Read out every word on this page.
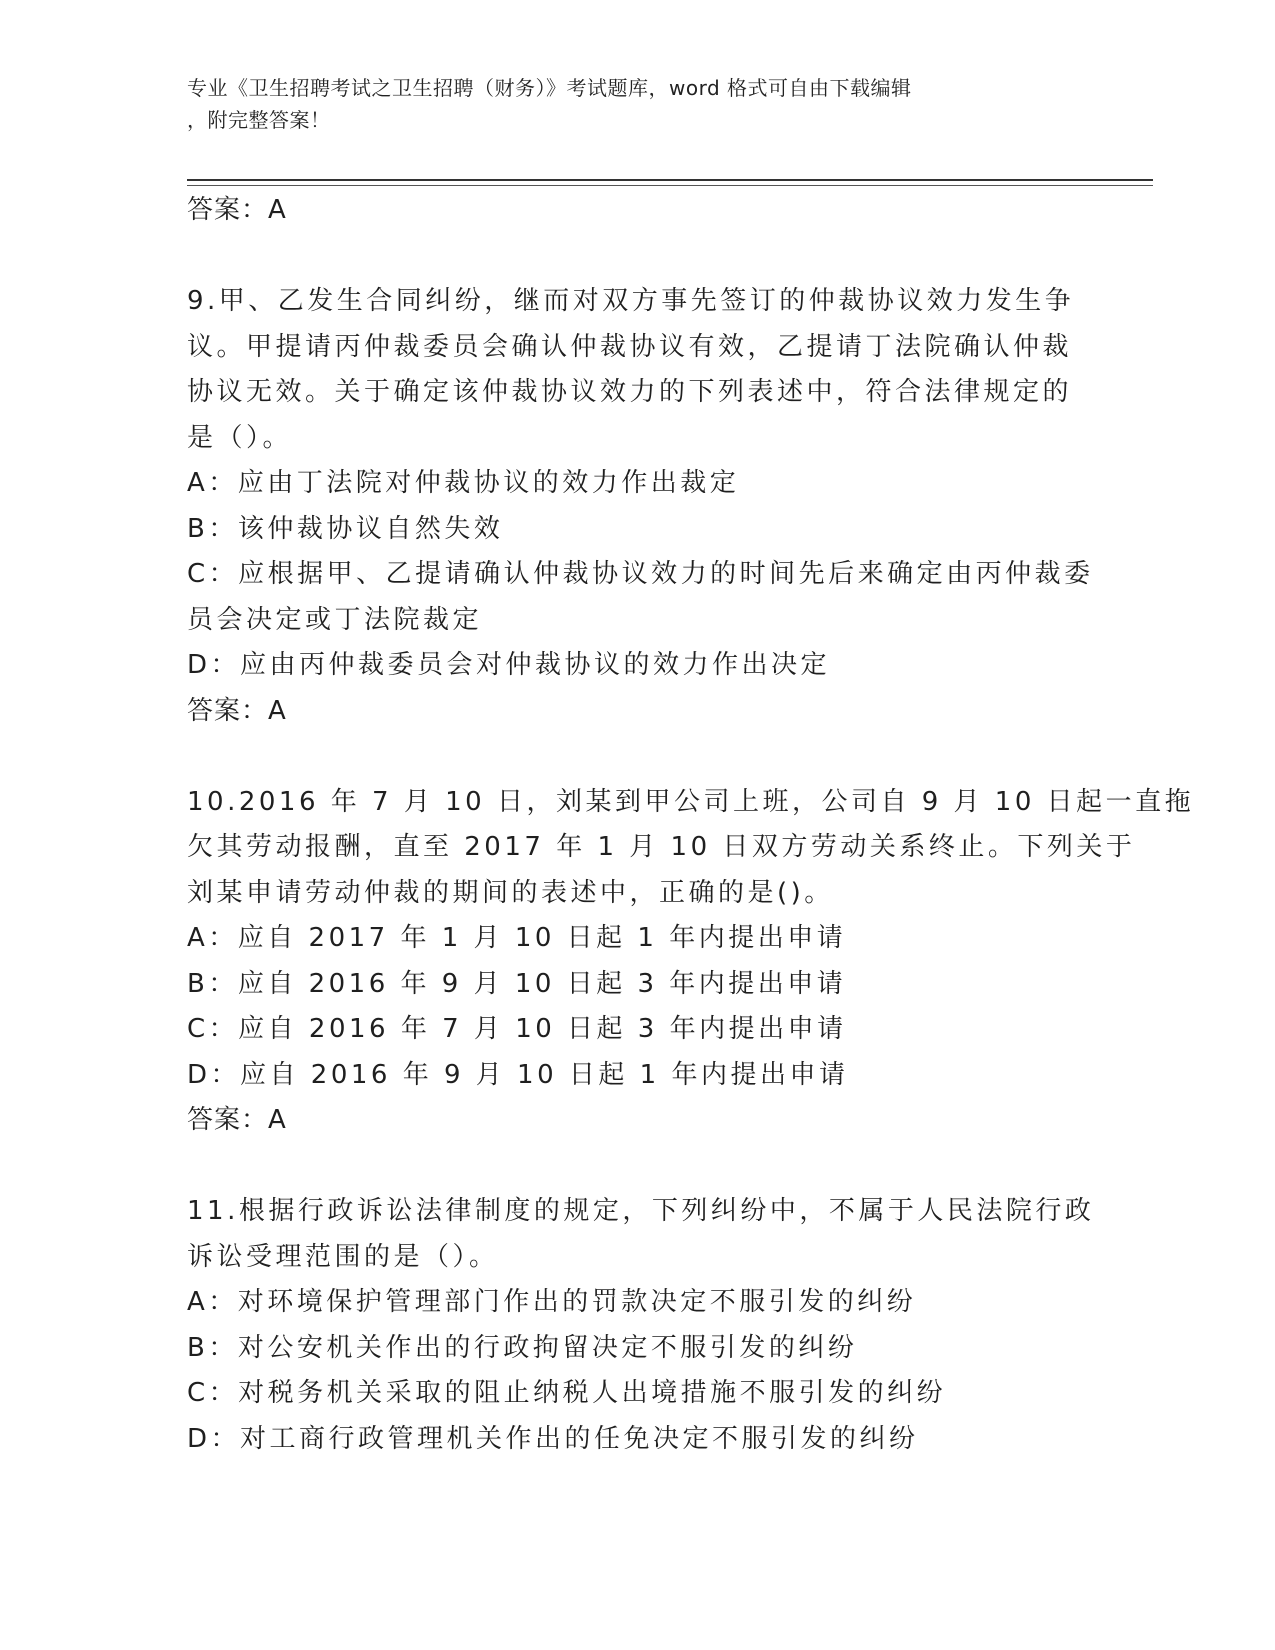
专业《卫生招聘考试之卫生招聘（财务）》考试题库，word 格式可自由下载编辑
，附完整答案！
答案：A
9.甲、乙发生合同纠纷，继而对双方事先签订的仲裁协议效力发生争
议。甲提请丙仲裁委员会确认仲裁协议有效，乙提请丁法院确认仲裁
协议无效。关于确定该仲裁协议效力的下列表述中，符合法律规定的
是（）。
A：应由丁法院对仲裁协议的效力作出裁定
B：该仲裁协议自然失效
C：应根据甲、乙提请确认仲裁协议效力的时间先后来确定由丙仲裁委
员会决定或丁法院裁定
D：应由丙仲裁委员会对仲裁协议的效力作出决定
答案：A
10.2016 年 7 月 10 日，刘某到甲公司上班，公司自 9 月 10 日起一直拖
欠其劳动报酬，直至 2017 年 1 月 10 日双方劳动关系终止。下列关于
刘某申请劳动仲裁的期间的表述中，正确的是()。
A：应自 2017 年 1 月 10 日起 1 年内提出申请
B：应自 2016 年 9 月 10 日起 3 年内提出申请
C：应自 2016 年 7 月 10 日起 3 年内提出申请
D：应自 2016 年 9 月 10 日起 1 年内提出申请
答案：A
11.根据行政诉讼法律制度的规定，下列纠纷中，不属于人民法院行政
诉讼受理范围的是（）。
A：对环境保护管理部门作出的罚款决定不服引发的纠纷
B：对公安机关作出的行政拘留决定不服引发的纠纷
C：对税务机关采取的阻止纳税人出境措施不服引发的纠纷
D：对工商行政管理机关作出的任免决定不服引发的纠纷
